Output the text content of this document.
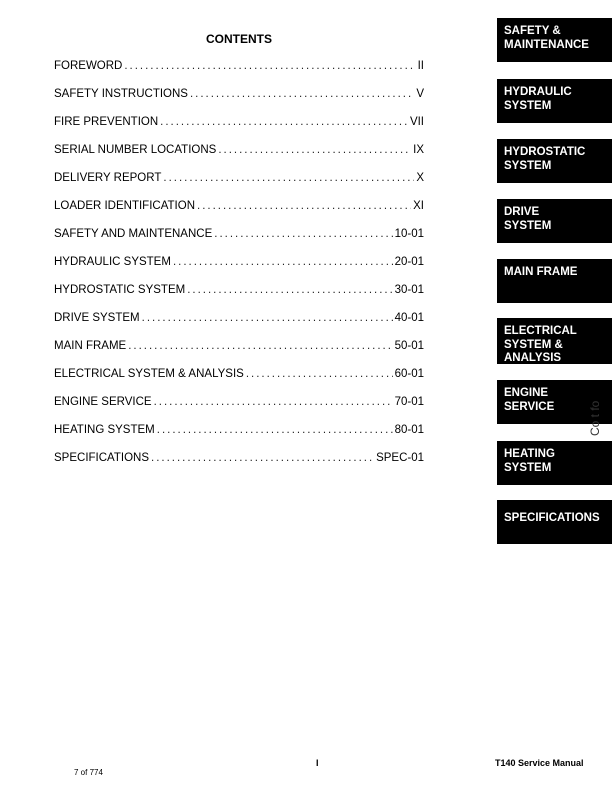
CONTENTS
FOREWORD . . .	II
SAFETY INSTRUCTIONS . . .	V
FIRE PREVENTION . . .	VII
SERIAL NUMBER LOCATIONS . . .	IX
DELIVERY REPORT . . .	X
LOADER IDENTIFICATION . . .	XI
SAFETY AND MAINTENANCE . . .	10-01
HYDRAULIC SYSTEM . . .	20-01
HYDROSTATIC SYSTEM . . .	30-01
DRIVE SYSTEM . . .	40-01
MAIN FRAME . . .	50-01
ELECTRICAL SYSTEM & ANALYSIS . . .	60-01
ENGINE SERVICE . . .	70-01
HEATING SYSTEM . . .	80-01
SPECIFICATIONS . . .	SPEC-01
SAFETY &
MAINTENANCE
HYDRAULIC
SYSTEM
HYDROSTATIC
SYSTEM
DRIVE
SYSTEM
MAIN FRAME
ELECTRICAL
SYSTEM &
ANALYSIS
ENGINE
SERVICE
HEATING
SYSTEM
SPECIFICATIONS
Co t fo
I	T140 Service Manual
7 of 774
